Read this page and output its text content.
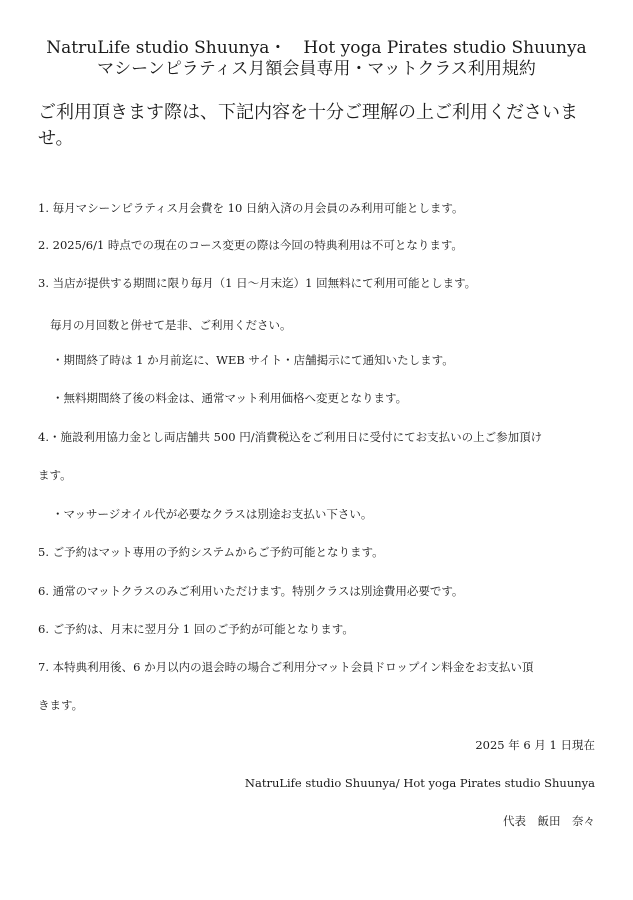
NatruLife studio Shuunya・　Hot yoga Pirates studio Shuunya
マシーンピラティス月額会員専用・マットクラス利用規約
ご利用頂きます際は、下記内容を十分ご理解の上ご利用くださいませ。
1. 毎月マシーンピラティス月会費を 10 日納入済の月会員のみ利用可能とします。
2. 2025/6/1 時点での現在のコース変更の際は今回の特典利用は不可となります。
3. 当店が提供する期間に限り毎月（1 日〜月末迄）1 回無料にて利用可能とします。
毎月の月回数と併せて是非、ご利用ください。
・期間終了時は 1 か月前迄に、WEB サイト・店舗掲示にて通知いたします。
・無料期間終了後の料金は、通常マット利用価格へ変更となります。
4.・施設利用協力金とし両店舗共 500 円/消費税込をご利用日に受付にてお支払いの上ご参加頂け
ます。
・マッサージオイル代が必要なクラスは別途お支払い下さい。
5. ご予約はマット専用の予約システムからご予約可能となります。
6. 通常のマットクラスのみご利用いただけます。特別クラスは別途費用必要です。
6. ご予約は、月末に翌月分 1 回のご予約が可能となります。
7. 本特典利用後、6 か月以内の退会時の場合ご利用分マット会員ドロップイン料金をお支払い頂
きます。
2025 年 6 月 1 日現在
NatruLife studio Shuunya/ Hot yoga Pirates studio Shuunya
代表　飯田　奈々
